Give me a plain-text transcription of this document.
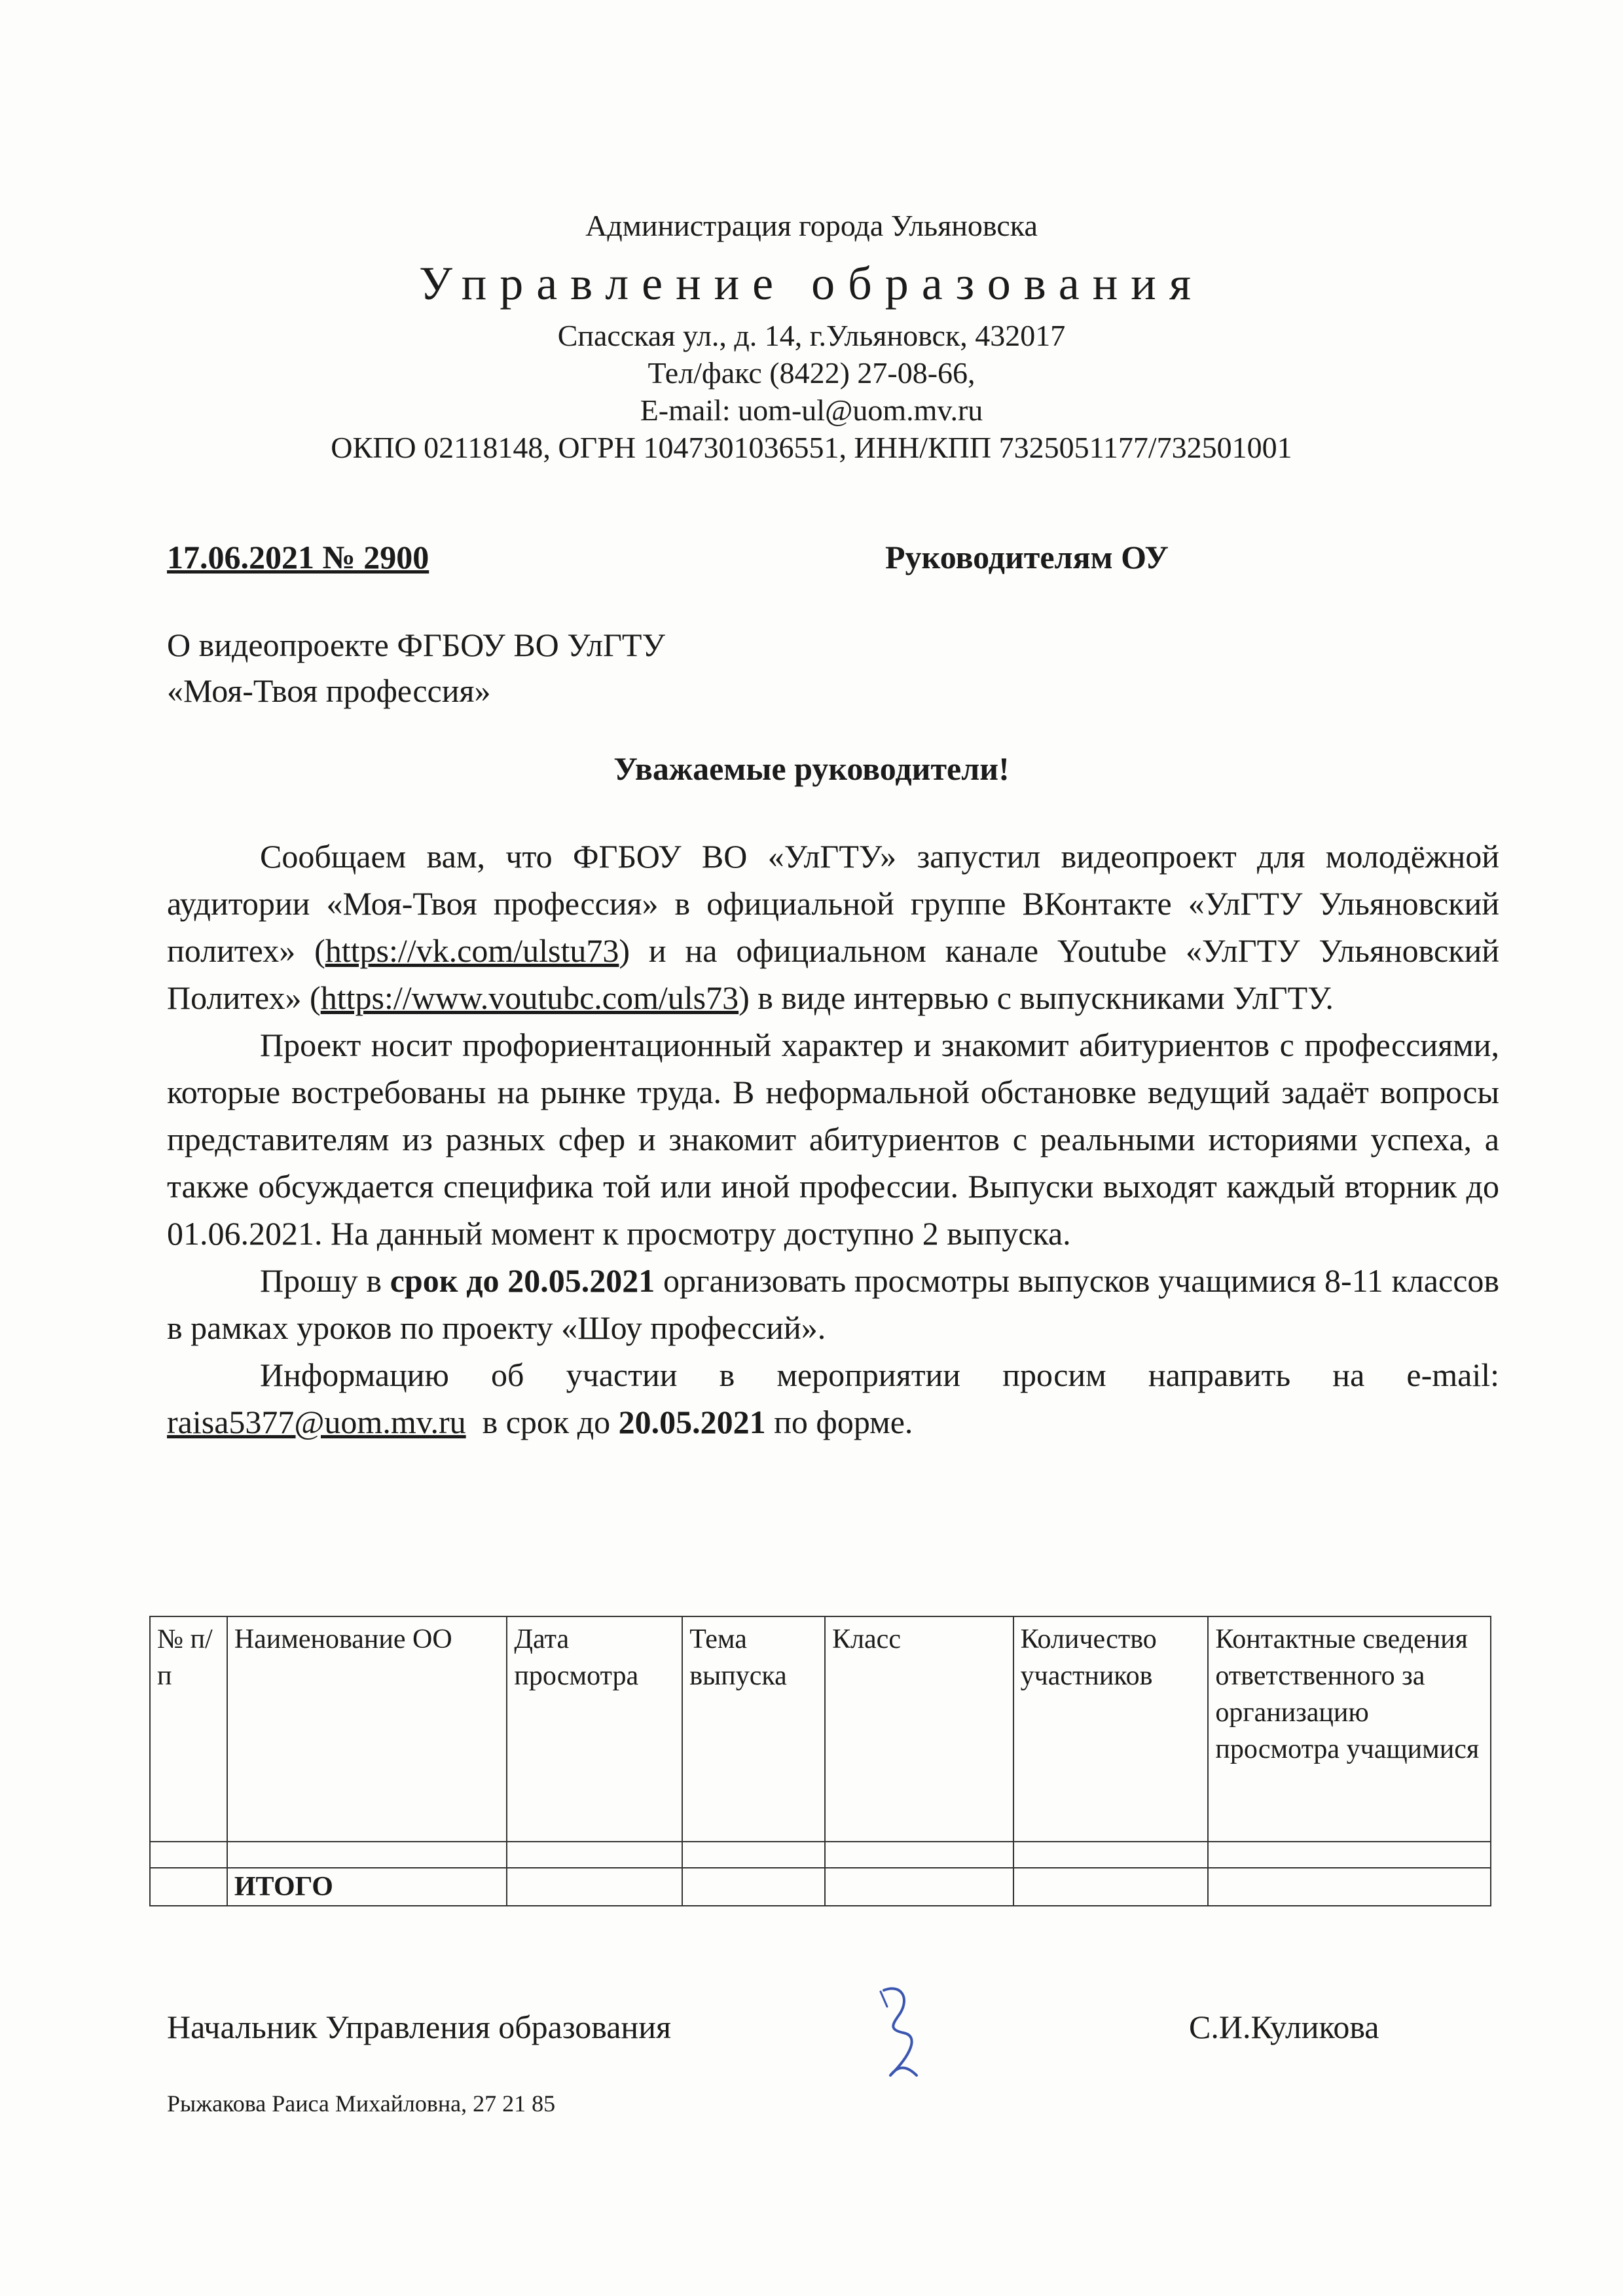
Администрация города Ульяновска
Управление образования
Спасская ул., д. 14, г.Ульяновск, 432017
Тел/факс (8422) 27-08-66,
E-mail: uom-ul@uom.mv.ru
ОКПО 02118148, ОГРН 1047301036551, ИНН/КПП 7325051177/732501001
17.06.2021 № 2900	Руководителям ОУ
О видеопроекте ФГБОУ ВО УлГТУ
«Моя-Твоя профессия»
Уважаемые руководители!

Сообщаем вам, что ФГБОУ ВО «УлГТУ» запустил видеопроект для молодёжной аудитории «Моя-Твоя профессия» в официальной группе ВКонтакте «УлГТУ Ульяновский политех» (https://vk.com/ulstu73) и на официальном канале Youtube «УлГТУ Ульяновский Политех» (https://www.voutubc.com/uls73) в виде интервью с выпускниками УлГТУ.

Проект носит профориентационный характер и знакомит абитуриентов с профессиями, которые востребованы на рынке труда. В неформальной обстановке ведущий задаёт вопросы представителям из разных сфер и знакомит абитуриентов с реальными историями успеха, а также обсуждается специфика той или иной профессии. Выпуски выходят каждый вторник до 01.06.2021. На данный момент к просмотру доступно 2 выпуска.

Прошу в срок до 20.05.2021 организовать просмотры выпусков учащимися 8-11 классов в рамках уроков по проекту «Шоу профессий».

Информацию об участии в мероприятии просим направить на e-mail: raisa5377@uom.mv.ru  в срок до 20.05.2021 по форме.

№ п/п	Наименование ОО	Дата просмотра	Тема выпуска	Класс	Количество участников	Контактные сведения ответственного за организацию просмотра учащимися

	ИТОГО					
Начальник Управления образования	С.И.Куликова
Рыжакова Раиса Михайловна, 27 21 85
